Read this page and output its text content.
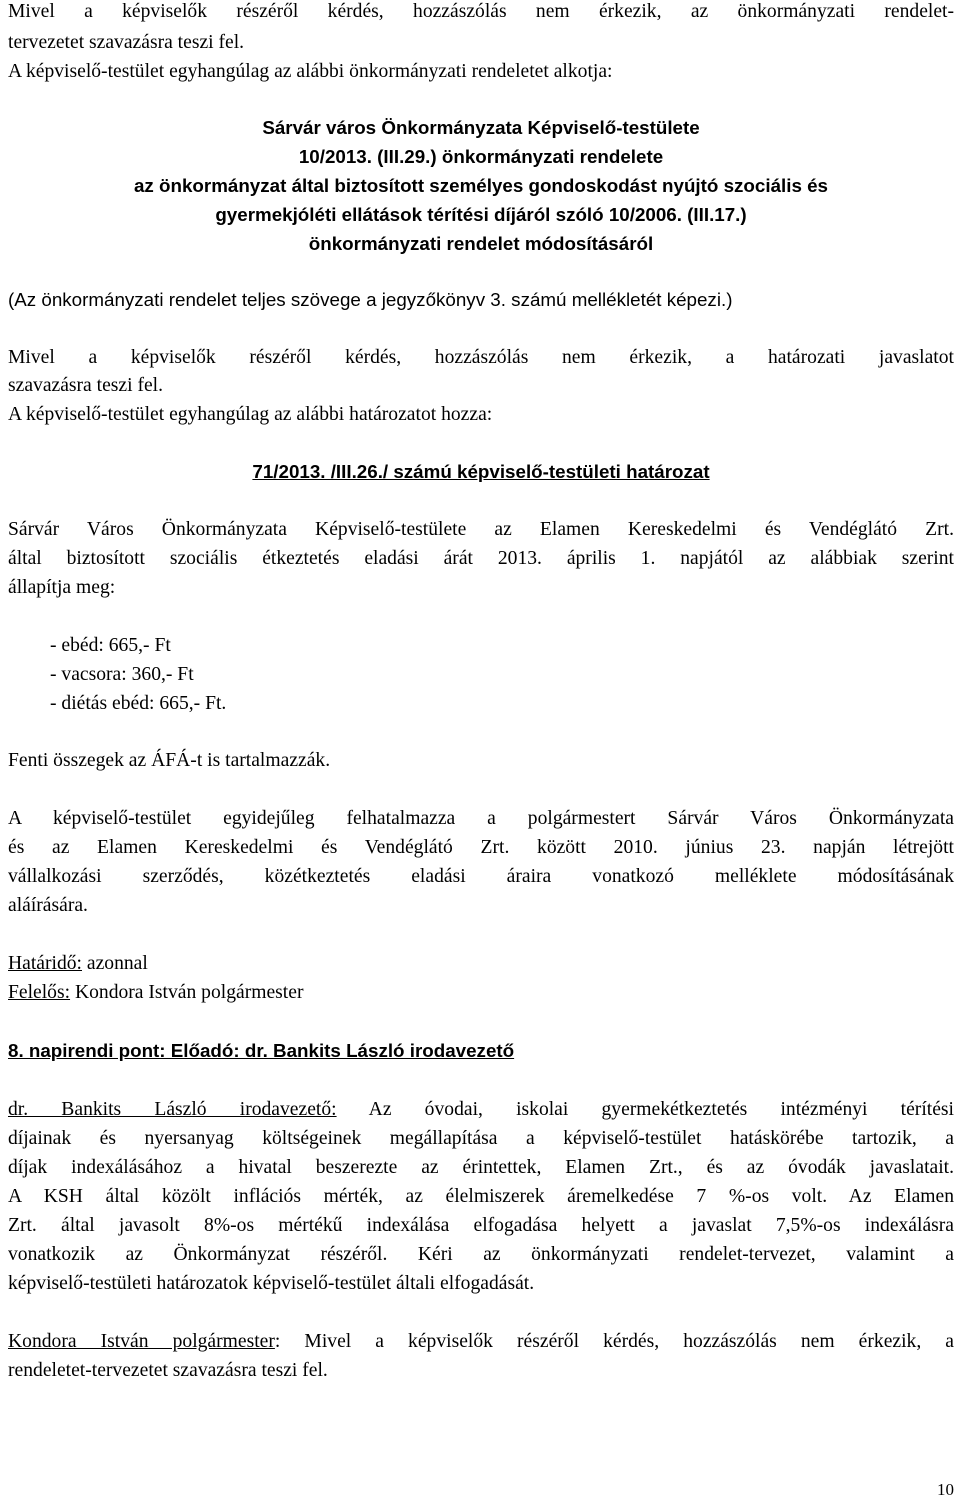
Mivel a képviselők részéről kérdés, hozzászólás nem érkezik, az önkormányzati rendelet-
tervezetet szavazásra teszi fel.
A képviselő-testület egyhangúlag az alábbi önkormányzati rendeletet alkotja:
Sárvár város Önkormányzata Képviselő-testülete
10/2013. (III.29.) önkormányzati rendelete
az önkormányzat által biztosított személyes gondoskodást nyújtó szociális és
gyermekjóléti ellátások térítési díjáról szóló 10/2006. (III.17.)
önkormányzati rendelet módosításáról
(Az önkormányzati rendelet teljes szövege a jegyzőkönyv 3. számú mellékletét képezi.)
Mivel a képviselők részéről kérdés, hozzászólás nem érkezik, a határozati javaslatot
szavazásra teszi fel.
A képviselő-testület egyhangúlag az alábbi határozatot hozza:
71/2013. /III.26./ számú képviselő-testületi határozat
Sárvár Város Önkormányzata Képviselő-testülete az Elamen Kereskedelmi és Vendéglátó Zrt.
által biztosított szociális étkeztetés eladási árát 2013. április 1. napjától az alábbiak szerint
állapítja meg:
- ebéd: 665,- Ft
- vacsora: 360,- Ft
- diétás ebéd: 665,- Ft.
Fenti összegek az ÁFÁ-t is tartalmazzák.
A képviselő-testület egyidejűleg felhatalmazza a polgármestert Sárvár Város Önkormányzata
és az Elamen Kereskedelmi és Vendéglátó Zrt. között 2010. június 23. napján létrejött
vállalkozási szerződés, közétkeztetés eladási áraira vonatkozó melléklete módosításának
aláírására.
Határidő: azonnal
Felelős: Kondora István polgármester
8. napirendi pont: Előadó: dr. Bankits László irodavezető
dr. Bankits László irodavezető: Az óvodai, iskolai gyermekétkeztetés intézményi térítési
díjainak és nyersanyag költségeinek megállapítása a képviselő-testület hatáskörébe tartozik, a
díjak indexálásához a hivatal beszerezte az érintettek, Elamen Zrt., és az óvodák javaslatait.
A KSH által közölt inflációs mérték, az élelmiszerek áremelkedése 7 %-os volt. Az Elamen
Zrt. által javasolt 8%-os mértékű indexálása elfogadása helyett a javaslat 7,5%-os indexálásra
vonatkozik az Önkormányzat részéről. Kéri az önkormányzati rendelet-tervezet, valamint a
képviselő-testületi határozatok képviselő-testület általi elfogadását.
Kondora István polgármester: Mivel a képviselők részéről kérdés, hozzászólás nem érkezik, a
rendeletet-tervezetet szavazásra teszi fel.
10
